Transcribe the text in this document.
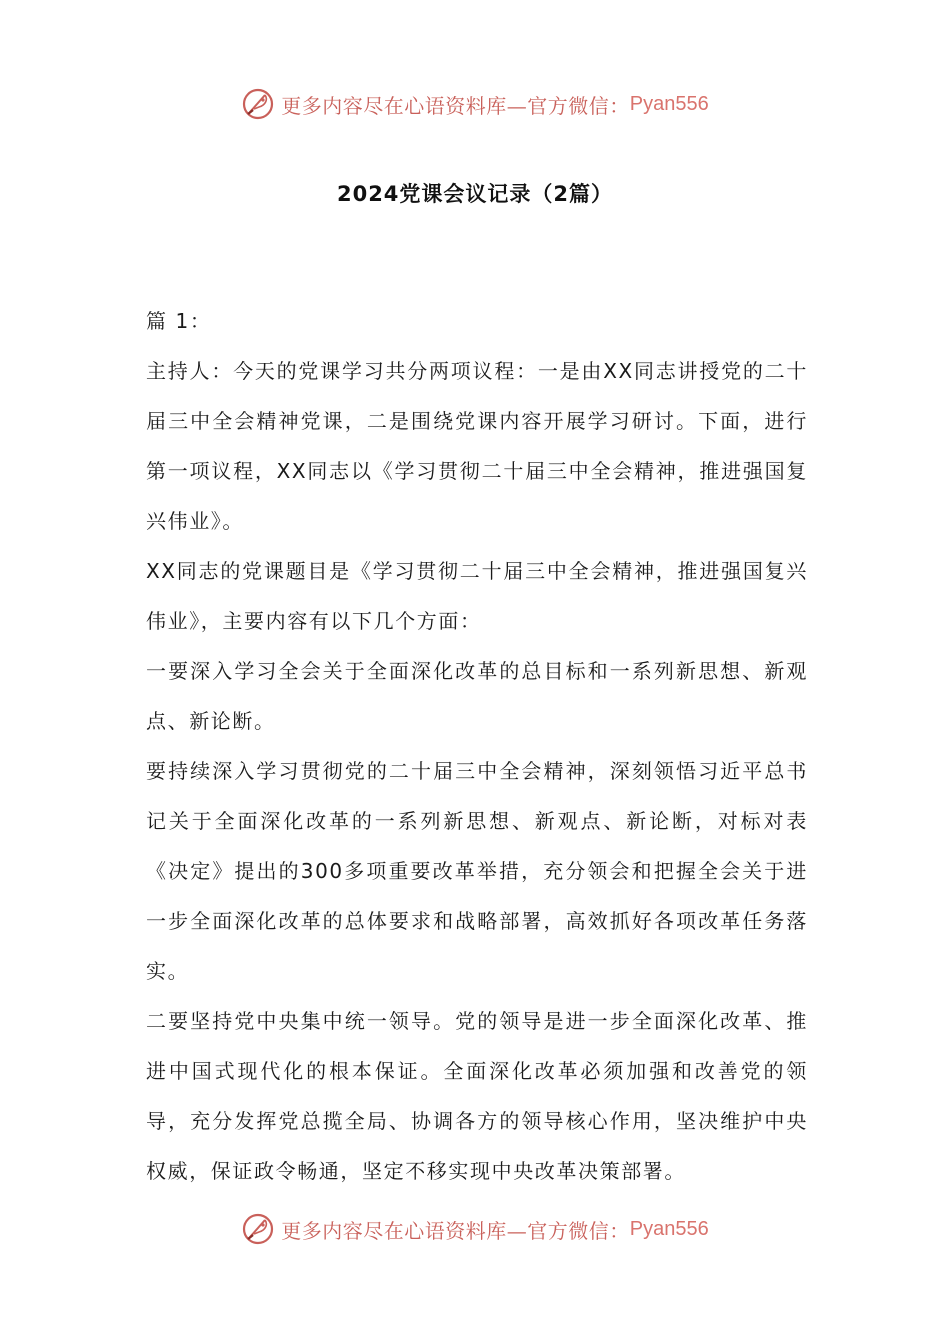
更多内容尽在心语资料库—官方微信： Pyan556
2024党课会议记录（2篇）

篇 1：

主持人：今天的党课学习共分两项议程：一是由XX同志讲授党的二十届三中全会精神党课，二是围绕党课内容开展学习研讨。下面，进行第一项议程，XX同志以《学习贯彻二十届三中全会精神，推进强国复兴伟业》。

XX同志的党课题目是《学习贯彻二十届三中全会精神，推进强国复兴伟业》，主要内容有以下几个方面：

一要深入学习全会关于全面深化改革的总目标和一系列新思想、新观点、新论断。

要持续深入学习贯彻党的二十届三中全会精神，深刻领悟习近平总书记关于全面深化改革的一系列新思想、新观点、新论断，对标对表《决定》提出的300多项重要改革举措，充分领会和把握全会关于进一步全面深化改革的总体要求和战略部署，高效抓好各项改革任务落实。

二要坚持党中央集中统一领导。党的领导是进一步全面深化改革、推进中国式现代化的根本保证。全面深化改革必须加强和改善党的领导，充分发挥党总揽全局、协调各方的领导核心作用，坚决维护中央权威，保证政令畅通，坚定不移实现中央改革决策部署。

更多内容尽在心语资料库—官方微信： Pyan556
